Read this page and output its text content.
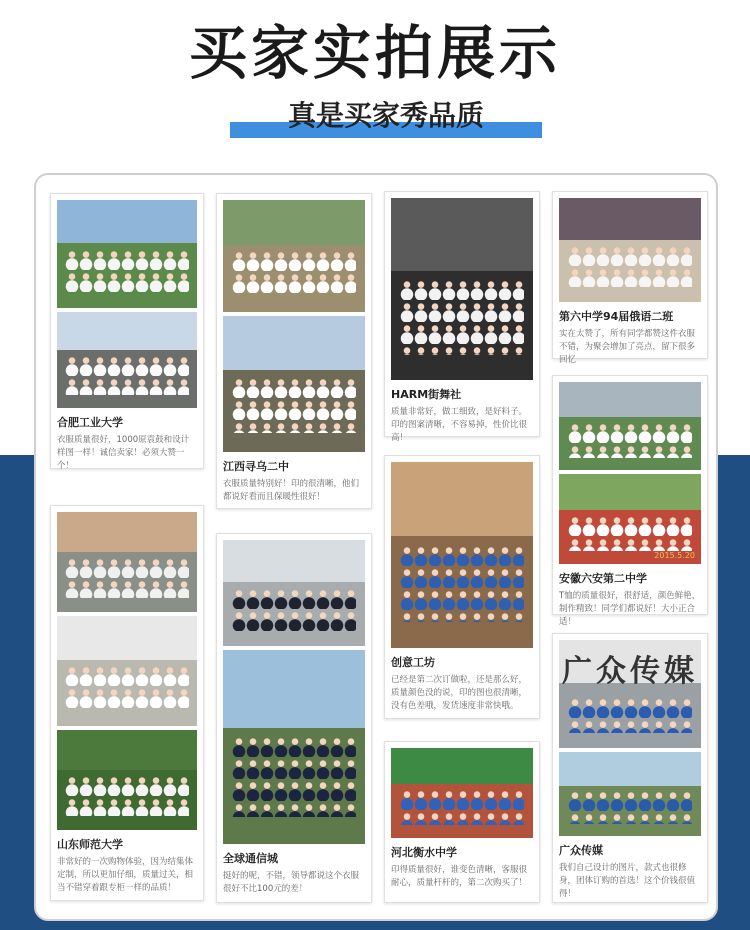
买家实拍展示
真是买家秀品质
合肥工业大学
衣服质量很好，1000原袁鼓和设计样图一样！诚信卖家！必须大赞一个！
山东师范大学
非常好的一次购物体验，因为结集体定制，所以更加仔细，质量过关，相当不错穿着跟专柜一样的品质！
江西寻乌二中
衣服质量特别好！印的很清晰，他们都说好看而且保暖性很好！
全球通信城
挺好的呢，不错，领导都说这个衣服很好不比100元的差！
HARM街舞社
质量非常好，做工细致，是好料子。印的图案清晰，不容易掉，性价比很高！
创意工坊
已经是第二次订做啦，还是那么好，质量颜色没的说，印的图也很清晰，没有色差哦，发货速度非常快哦。
河北衡水中学
印得质量很好，谁变色清晰，客服很耐心，质量杆杆的，第二次购买了！
第六中学94届俄语二班
实在太赞了，所有同学都赞这件衣服不错，为聚会增加了亮点，留下很多回忆
2015.5.20
安徽六安第二中学
T恤的质量很好，很舒适，颜色鲜艳，制作精致！同学们都说好！大小正合适！
广众传媒
广众传媒
我们自己设计的图片，款式也很修身，团体订购的首选！这个价钱很值得！
